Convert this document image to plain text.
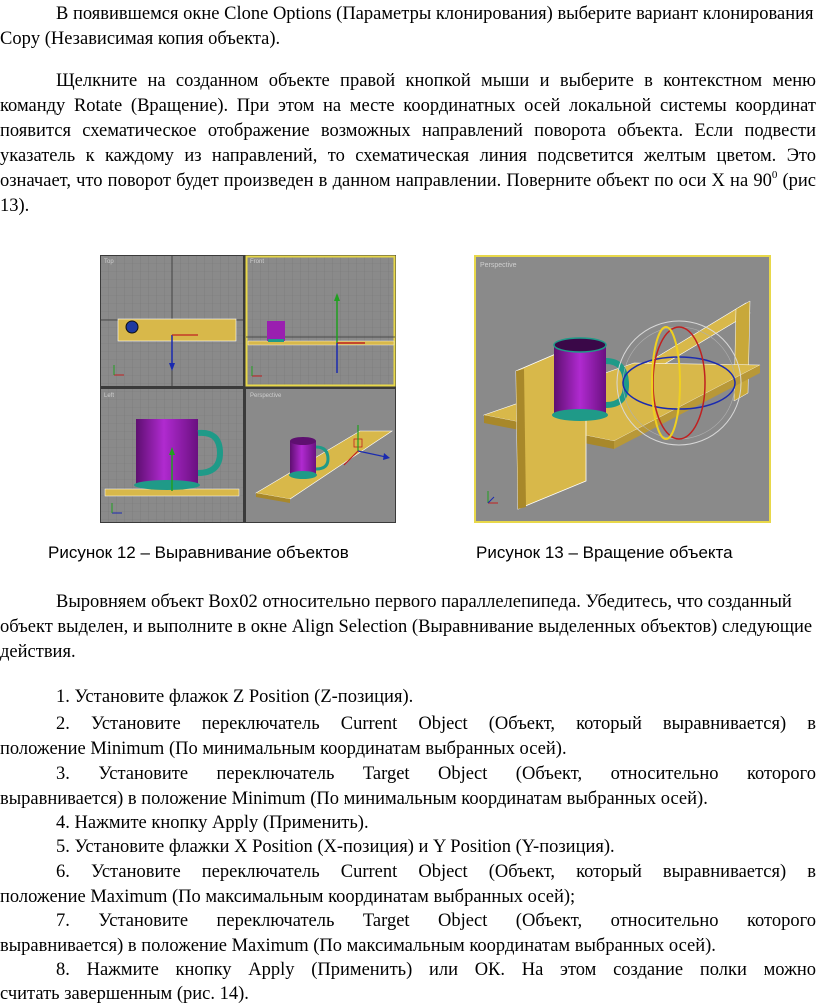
В появившемся окне Clone Options (Параметры клонирования) выберите вариант клонирования Copy (Независимая копия объекта).
Щелкните на созданном объекте правой кнопкой мыши и выберите в контекстном меню команду Rotate (Вращение). При этом на месте координатных осей локальной системы координат появится схематическое отображение возможных направлений поворота объекта. Если подвести указатель к каждому из направлений, то схематическая линия подсветится желтым цветом. Это означает, что поворот будет произведен в данном направлении. Поверните объект по оси X на $90^0$ (рис 13).
Top	Front
Left	Perspective
Perspective
Рисунок 12 – Выравнивание объектов	Рисунок 13 – Вращение объекта
Выровняем объект Box02 относительно первого параллелепипеда. Убедитесь, что созданный объект выделен, и выполните в окне Align Selection (Выравнивание выделенных объектов) следующие действия.
1. Установите флажок Z Position (Z-позиция).
2. Установите переключатель Current Object (Объект, который выравнивается) в
положение Minimum (По минимальным координатам выбранных осей).
3. Установите переключатель Target Object (Объект, относительно которого
выравнивается) в положение Minimum (По минимальным координатам выбранных осей).
4. Нажмите кнопку Apply (Применить).
5. Установите флажки X Position (X-позиция) и Y Position (Y-позиция).
6. Установите переключатель Current Object (Объект, который выравнивается) в
положение Maximum (По максимальным координатам выбранных осей);
7. Установите переключатель Target Object (Объект, относительно которого
выравнивается) в положение Maximum (По максимальным координатам выбранных осей).
8. Нажмите кнопку Apply (Применить) или ОК. На этом создание полки можно
считать завершенным (рис. 14).
